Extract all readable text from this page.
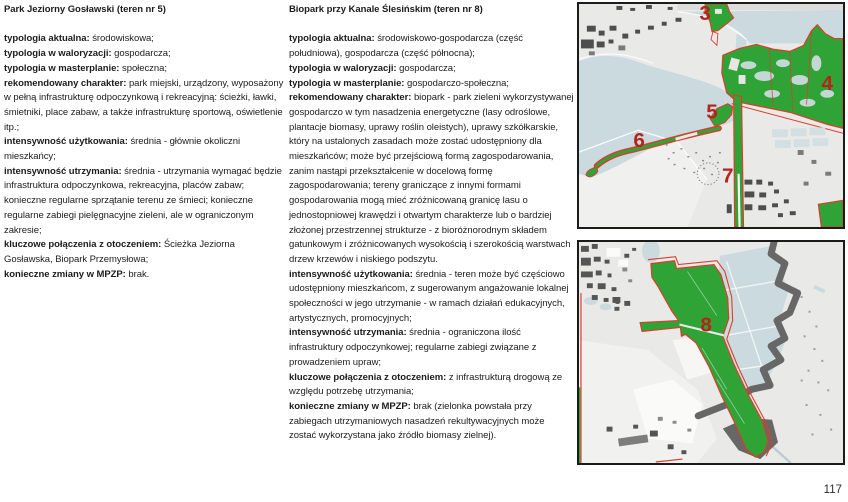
Park Jeziorny Gosławski (teren nr 5)

typologia aktualna: środowiskowa;

typologia w waloryzacji: gospodarcza;

typologia w masterplanie: społeczna;

rekomendowany charakter: park miejski, urządzony, wyposażony w pełną infrastrukturę odpoczynkową i rekreacyjną: ścieżki, ławki, śmietniki, place zabaw, a także infrastrukturę sportową, oświetlenie itp.;

intensywność użytkowania: średnia - głównie okoliczni mieszkańcy;

intensywność utrzymania: średnia - utrzymania wymagać będzie infrastruktura odpoczynkowa, rekreacyjna, placów zabaw; konieczne regularne sprzątanie terenu ze śmieci; konieczne regularne zabiegi pielęgnacyjne zieleni, ale w ograniczonym zakresie;

kluczowe połączenia z otoczeniem: Ścieżka Jeziorna Gosławska, Biopark Przemysłowa;

konieczne zmiany w MPZP: brak.

Biopark przy Kanale Ślesińskim (teren nr 8)

typologia aktualna: środowiskowo-gospodarcza (część południowa), gospodarcza (część północna);

typologia w waloryzacji: gospodarcza;

typologia w masterplanie: gospodarczo-społeczna;

rekomendowany charakter: biopark - park zieleni wykorzystywanej gospodarczo w tym nasadzenia energetyczne (lasy odroślowe, plantacje biomasy, uprawy roślin oleistych), uprawy szkółkarskie, który na ustalonych zasadach może zostać udostępniony dla mieszkańców; może być przejściową formą zagospodarowania, zanim nastąpi przekształcenie w docelową formę zagospodarowania; tereny graniczące z innymi formami gospodarowania mogą mieć zróżnicowaną granicę lasu o jednostopniowej krawędzi i otwartym charakterze lub o bardziej złożonej przestrzennej strukturze - z bioróżnorodnym składem gatunkowym i zróżnicowanych wysokością i szerokością warstwach drzew krzewów i niskiego podszytu.

intensywność użytkowania: średnia - teren może być częściowo udostępniony mieszkańcom, z sugerowanym angażowanie lokalnej społeczności w jego utrzymanie - w ramach działań edukacyjnych, artystycznych, promocyjnych;

intensywność utrzymania: średnia - ograniczona ilość infrastruktury odpoczynkowej; regularne zabiegi związane z prowadzeniem upraw;

kluczowe połączenia z otoczeniem: z infrastrukturą drogową ze względu potrzebę utrzymania;

konieczne zmiany w MPZP: brak (zielonka powstała przy zabiegach utrzymaniowych nasadzeń rekultywacyjnych może zostać wykorzystana jako źródło biomasy zielnej).

3
4
5
6
7
8
117
